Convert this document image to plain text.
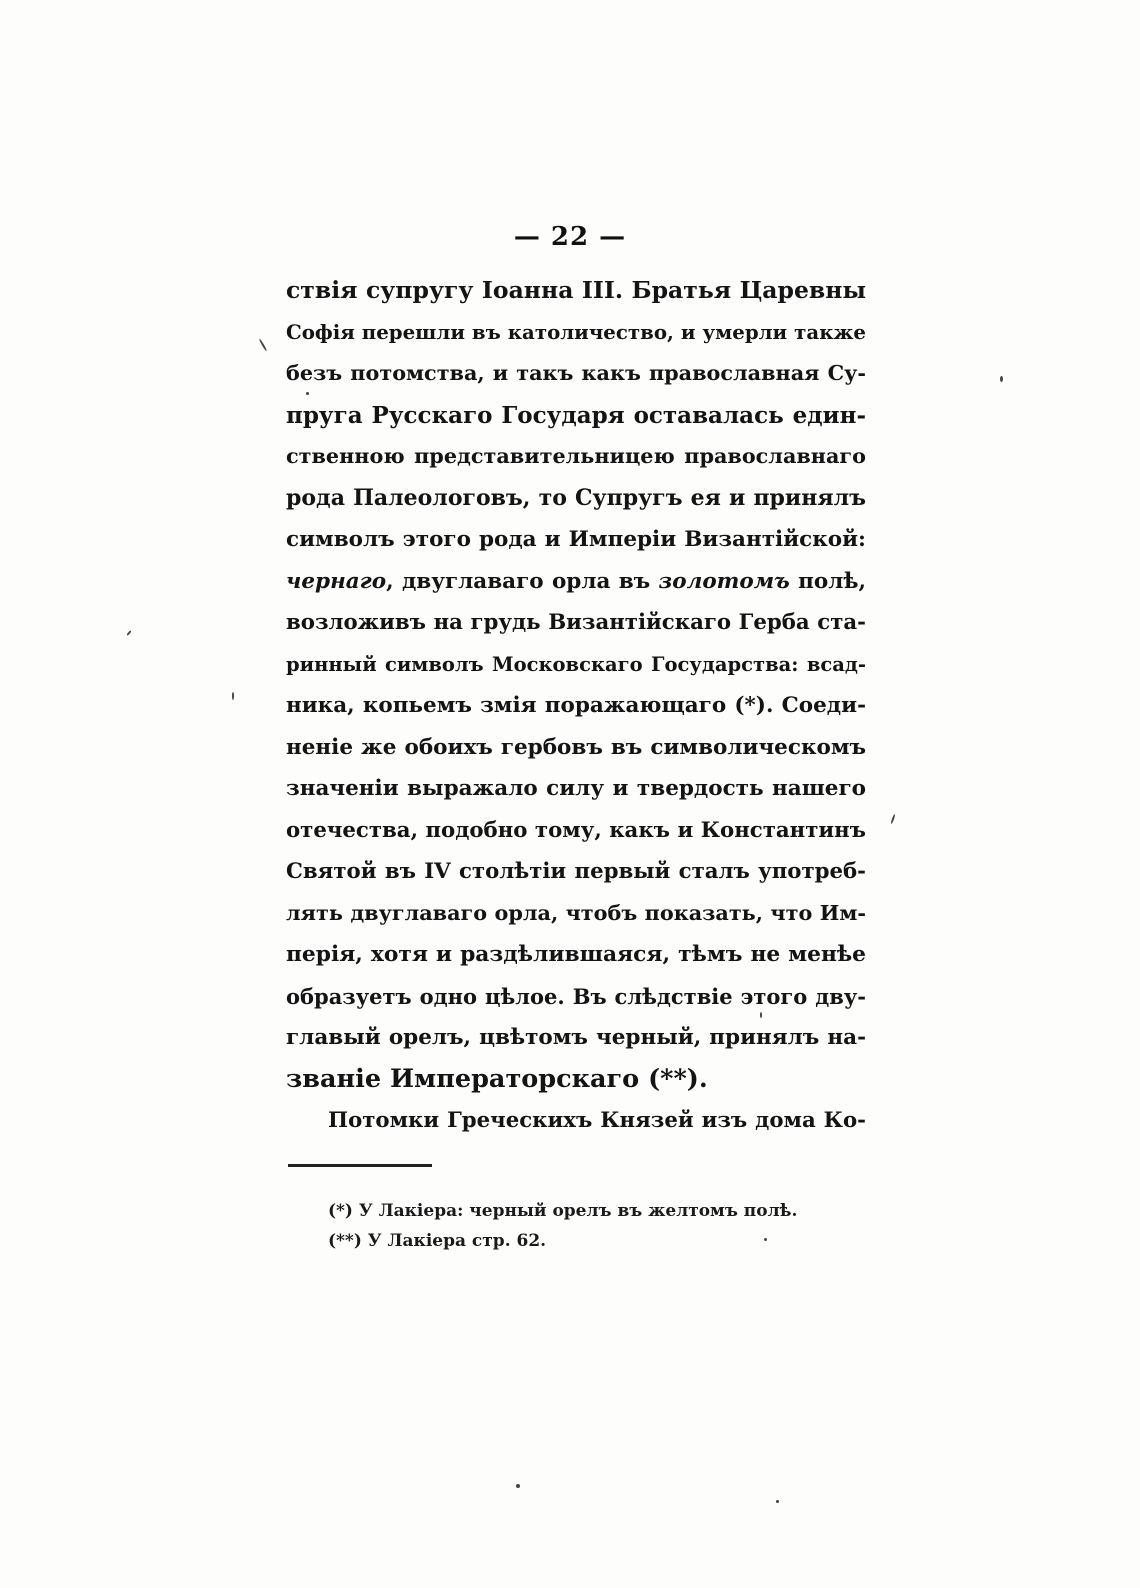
— 22 —
ствія супругу Іоанна III. Братья Царевны
Софія перешли въ католичество, и умерли также
безъ потомства, и такъ какъ православная Су-
пруга Русскаго Государя оставалась един-
ственною представительницею православнаго
рода Палеологовъ, то Супругъ ея и принялъ
символъ этого рода и Имперіи Византійской:
чернаго, двуглаваго орла въ золотомъ полѣ,
возложивъ на грудь Византійскаго Герба ста-
ринный символъ Московскаго Государства: всад-
ника, копьемъ змія поражающаго (*). Соеди-
неніе же обоихъ гербовъ въ символическомъ
значеніи выражало силу и твердость нашего
отечества, подобно тому, какъ и Константинъ
Святой въ IV столѣтіи первый сталъ употреб-
лять двуглаваго орла, чтобъ показать, что Им-
перія, хотя и раздѣлившаяся, тѣмъ не менѣе
образуетъ одно цѣлое. Въ слѣдствіе этого дву-
главый орелъ, цвѣтомъ черный, принялъ на-
званіе Императорскаго (**).
Потомки Греческихъ Князей изъ дома Ко-
(*) У Лакіера: черный орелъ въ желтомъ полѣ.
(**) У Лакіера стр. 62.
